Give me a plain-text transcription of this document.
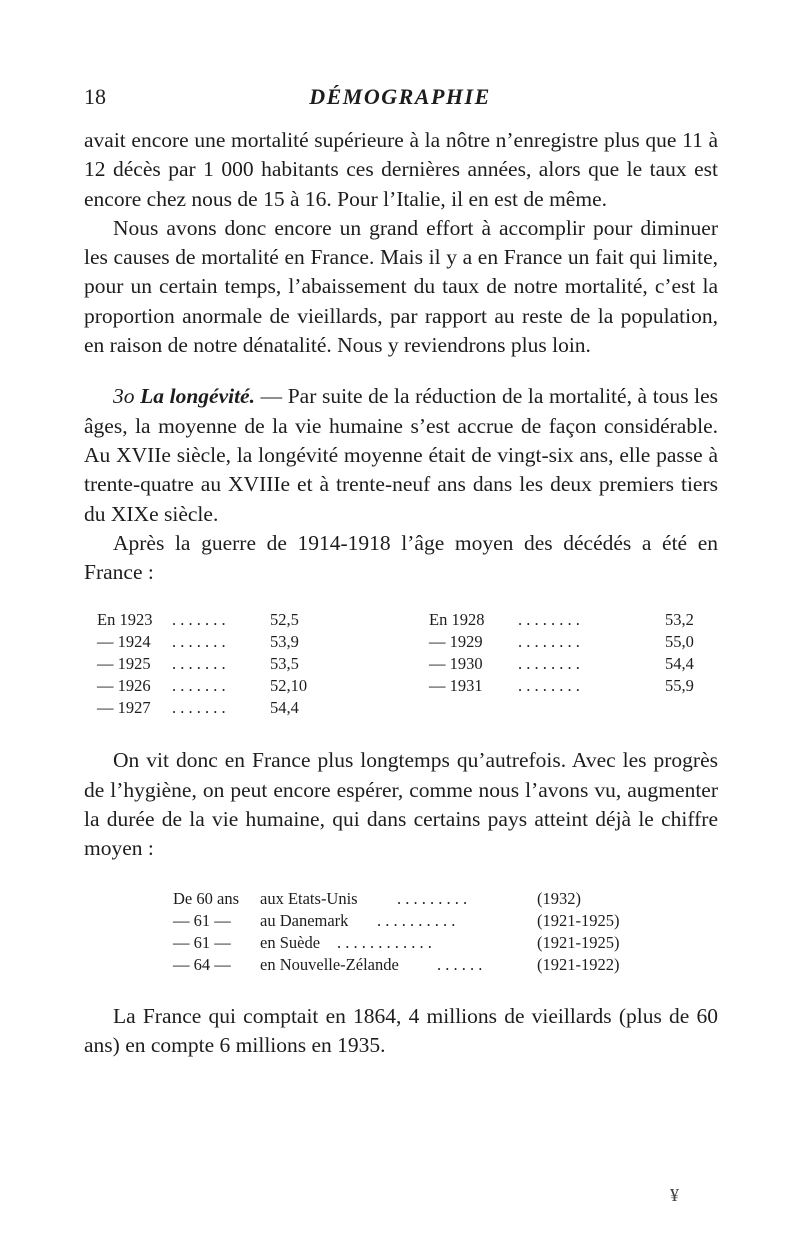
18	DÉMOGRAPHIE

avait encore une mortalité supérieure à la nôtre n’enregistre plus que 11 à 12 décès par 1 000 habitants ces dernières années, alors que le taux est encore chez nous de 15 à 16. Pour l’Italie, il en est de même.

Nous avons donc encore un grand effort à accomplir pour diminuer les causes de mortalité en France. Mais il y a en France un fait qui limite, pour un certain temps, l’abaissement du taux de notre mortalité, c’est la proportion anormale de vieillards, par rapport au reste de la population, en raison de notre dénatalité. Nous y reviendrons plus loin.

3o La longévité. — Par suite de la réduction de la mortalité, à tous les âges, la moyenne de la vie humaine s’est accrue de façon considérable. Au XVIIe siècle, la longévité moyenne était de vingt-six ans, elle passe à trente-quatre au XVIIIe et à trente-neuf ans dans les deux premiers tiers du XIXe siècle.

Après la guerre de 1914-1918 l’âge moyen des décédés a été en France :

En 1923 . . . . . . .	52,5	En 1928 . . . . . . . .	53,2
— 1924 . . . . . . .	53,9	— 1929 . . . . . . . .	55,0
— 1925 . . . . . . .	53,5	— 1930 . . . . . . . .	54,4
— 1926 . . . . . . .	52,10	— 1931 . . . . . . . .	55,9
— 1927 . . . . . . .	54,4

On vit donc en France plus longtemps qu’autrefois. Avec les progrès de l’hygiène, on peut encore espérer, comme nous l’avons vu, augmenter la durée de la vie humaine, qui dans certains pays atteint déjà le chiffre moyen :

De 60 ans aux Etats-Unis . . . . . . . . .	(1932)
— 61 — au Danemark . . . . . . . . . .	(1921-1925)
— 61 — en Suède . . . . . . . . . . . .	(1921-1925)
— 64 — en Nouvelle-Zélande . . . . . .	(1921-1922)

La France qui comptait en 1864, 4 millions de vieillards (plus de 60 ans) en compte 6 millions en 1935.

¥
